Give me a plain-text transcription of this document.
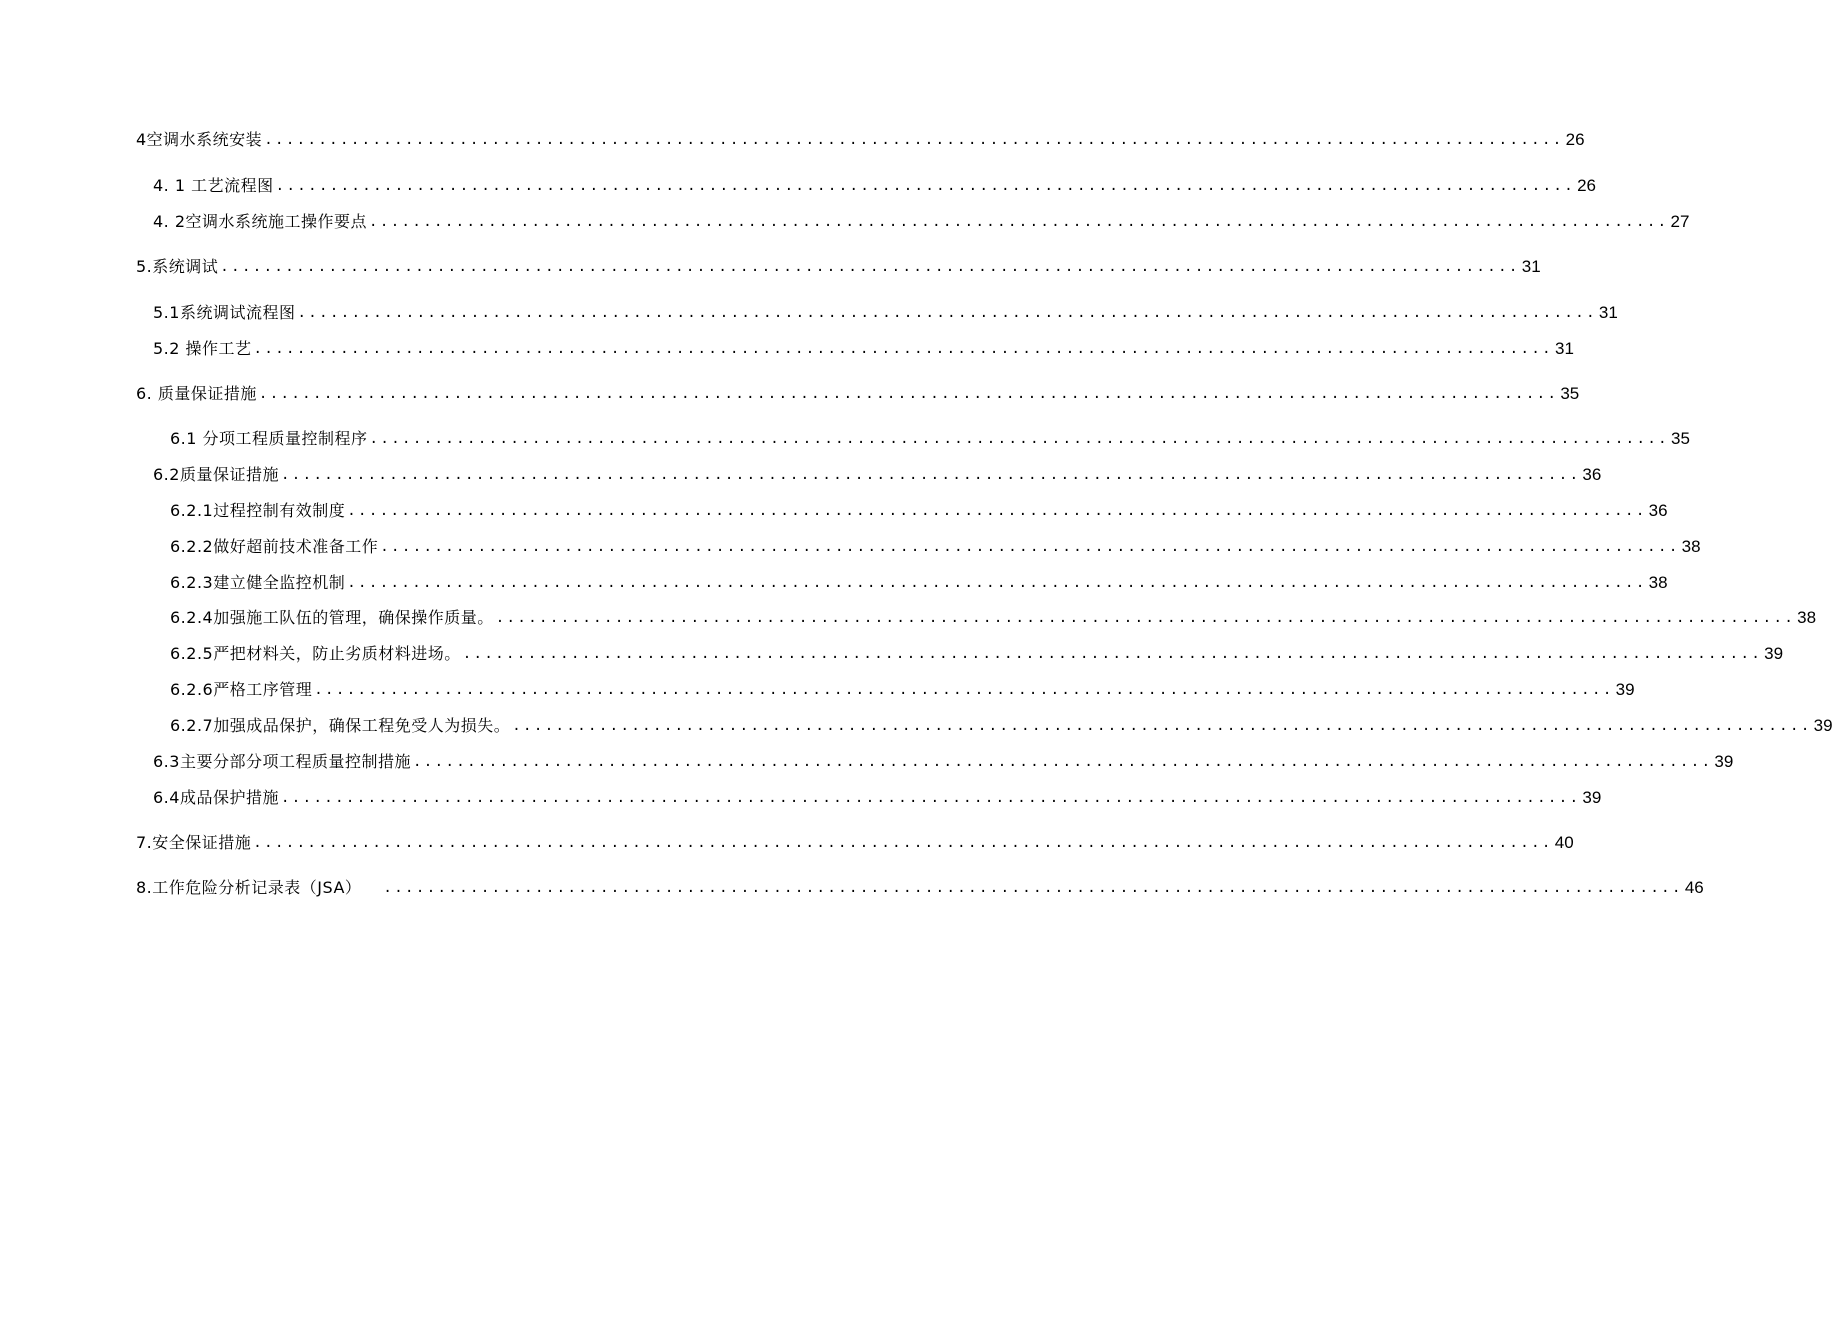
4空调水系统安装 ........................................................................................................................ 26
4. 1 工艺流程图 ........................................................................................................................ 26
4. 2空调水系统施工操作要点 ........................................................................................................................ 27
5.系统调试 ........................................................................................................................ 31
5.1系统调试流程图 ........................................................................................................................ 31
5.2 操作工艺 ........................................................................................................................ 31
6. 质量保证措施 ........................................................................................................................ 35
6.1 分项工程质量控制程序 ........................................................................................................................ 35
6.2质量保证措施 ........................................................................................................................ 36
6.2.1过程控制有效制度 ........................................................................................................................ 36
6.2.2做好超前技术准备工作 ........................................................................................................................ 38
6.2.3建立健全监控机制 ........................................................................................................................ 38
6.2.4加强施工队伍的管理，确保操作质量。 ........................................................................................................................ 38
6.2.5严把材料关，防止劣质材料进场。 ........................................................................................................................ 39
6.2.6严格工序管理 ........................................................................................................................ 39
6.2.7加强成品保护，确保工程免受人为损失。 ........................................................................................................................ 39
6.3主要分部分项工程质量控制措施 ........................................................................................................................ 39
6.4成品保护措施 ........................................................................................................................ 39
7.安全保证措施 ........................................................................................................................ 40
8.工作危险分析记录表（JSA） ........................................................................................................................ 46
